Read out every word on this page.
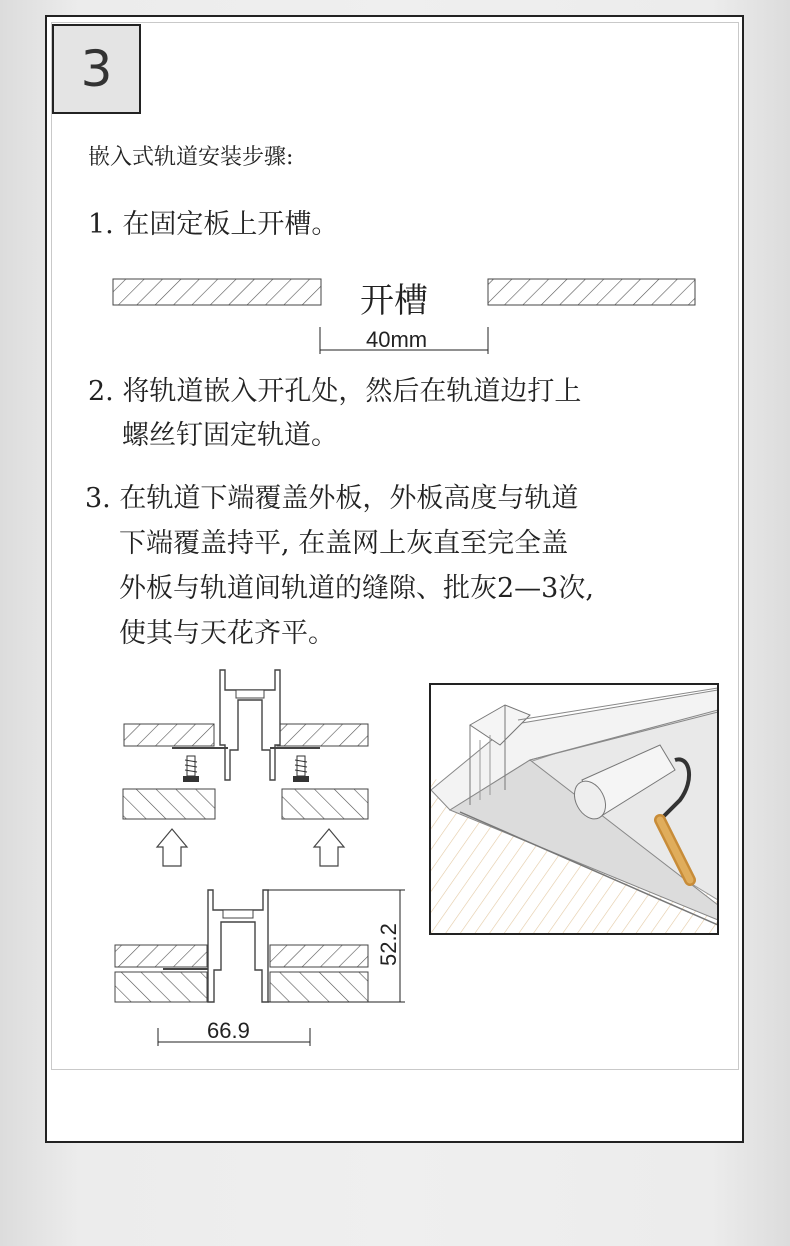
3
嵌入式轨道安装步骤:
1. 在固定板上开槽。
2. 将轨道嵌入开孔处，然后在轨道边打上
螺丝钉固定轨道。
3. 在轨道下端覆盖外板，外板高度与轨道
下端覆盖持平, 在盖网上灰直至完全盖
外板与轨道间轨道的缝隙、批灰2—3次,
使其与天花齐平。
开槽
40mm
66.9
52.2
